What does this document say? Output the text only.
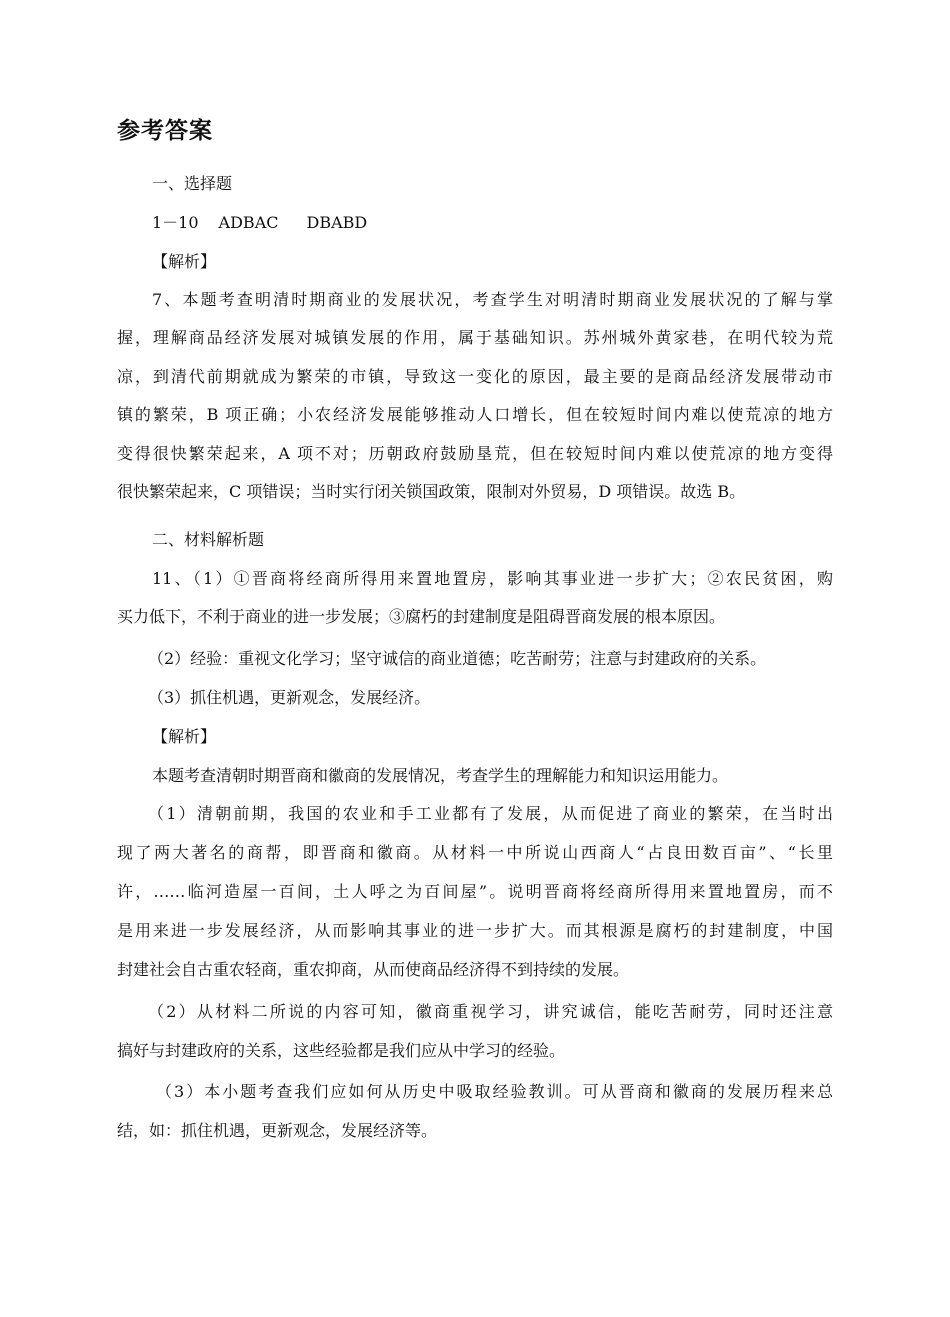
参考答案

一、选择题

1－10 ADBAC DBABD

【解析】

7、本题考查明清时期商业的发展状况，考查学生对明清时期商业发展状况的了解与掌

握，理解商品经济发展对城镇发展的作用，属于基础知识。苏州城外黄家巷，在明代较为荒

凉，到清代前期就成为繁荣的市镇，导致这一变化的原因，最主要的是商品经济发展带动市

镇的繁荣，B 项正确；小农经济发展能够推动人口增长，但在较短时间内难以使荒凉的地方

变得很快繁荣起来，A 项不对；历朝政府鼓励垦荒，但在较短时间内难以使荒凉的地方变得

很快繁荣起来，C 项错误；当时实行闭关锁国政策，限制对外贸易，D 项错误。故选 B。

二、材料解析题

11、（1）①晋商将经商所得用来置地置房，影响其事业进一步扩大；②农民贫困，购

买力低下，不利于商业的进一步发展；③腐朽的封建制度是阻碍晋商发展的根本原因。

（2）经验：重视文化学习；坚守诚信的商业道德；吃苦耐劳；注意与封建政府的关系。

（3）抓住机遇，更新观念，发展经济。

【解析】

本题考查清朝时期晋商和徽商的发展情况，考查学生的理解能力和知识运用能力。

（1）清朝前期，我国的农业和手工业都有了发展，从而促进了商业的繁荣，在当时出

现了两大著名的商帮，即晋商和徽商。从材料一中所说山西商人“占良田数百亩”、“长里

许，……临河造屋一百间，土人呼之为百间屋”。说明晋商将经商所得用来置地置房，而不

是用来进一步发展经济，从而影响其事业的进一步扩大。而其根源是腐朽的封建制度，中国

封建社会自古重农轻商，重农抑商，从而使商品经济得不到持续的发展。

（2）从材料二所说的内容可知，徽商重视学习，讲究诚信，能吃苦耐劳，同时还注意

搞好与封建政府的关系，这些经验都是我们应从中学习的经验。

（3）本小题考查我们应如何从历史中吸取经验教训。可从晋商和徽商的发展历程来总

结，如：抓住机遇，更新观念，发展经济等。
